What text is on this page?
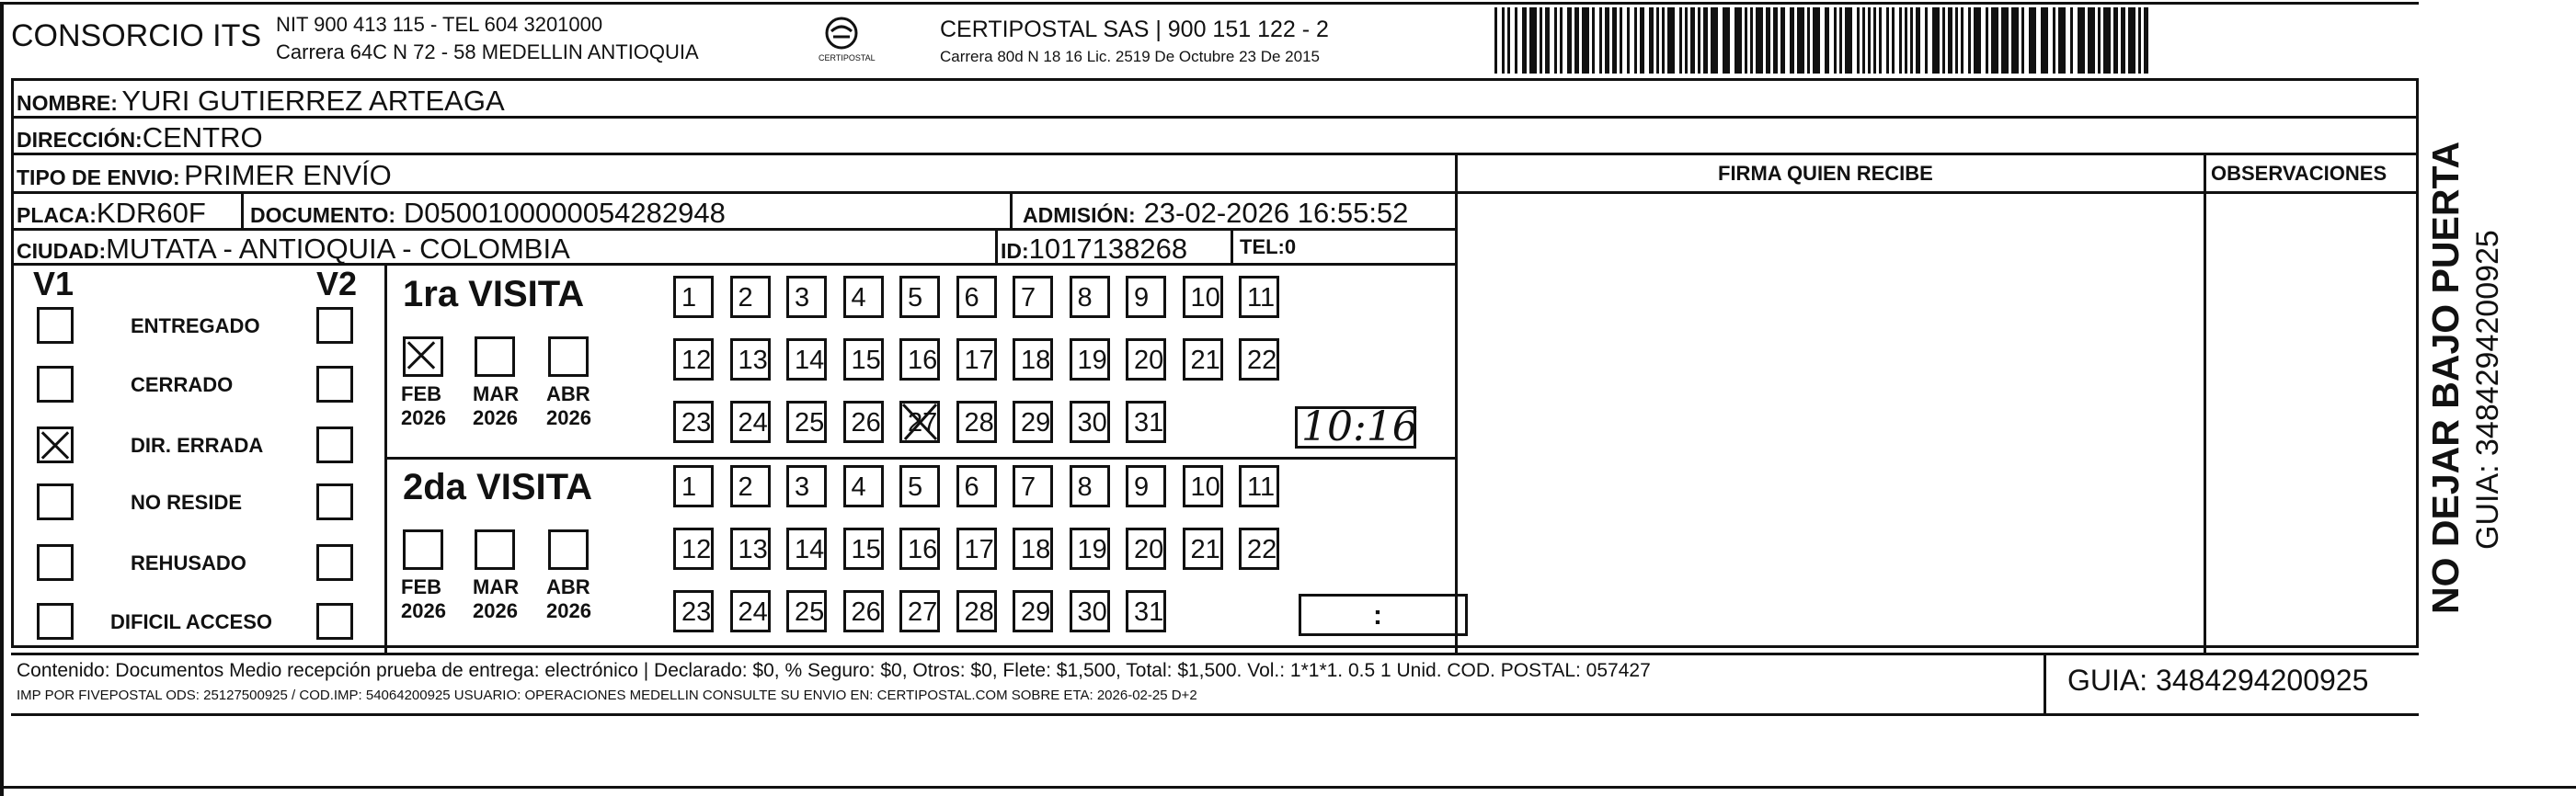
CONSORCIO ITS NIT 900 413 115 - TEL 604 3201000
Carrera 64C N 72 - 58 MEDELLIN ANTIOQUIA	CERTIPOSTAL
CERTIPOSTAL SAS | 900 151 122 - 2
Carrera 80d N 18 16 Lic. 2519 De Octubre 23 De 2015
NOMBRE: YURI GUTIERREZ ARTEAGA
DIRECCIÓN:CENTRO
TIPO DE ENVIO: PRIMER ENVÍO
PLACA:KDR60F DOCUMENTO: D0500100000054282948	ADMISIÓN: 23-02-2026 16:55:52
CIUDAD:MUTATA - ANTIOQUIA - COLOMBIA	ID:1017138268	TEL:0
FIRMA QUIEN RECIBE	OBSERVACIONES
V1	V2 1ra VISITA
10:16
2da VISITA
:
Contenido: Documentos Medio recepción prueba de entrega: electrónico | Declarado: $0, % Seguro: $0, Otros: $0, Flete: $1,500, Total: $1,500. Vol.: 1*1*1. 0.5 1 Unid. COD. POSTAL: 057427
IMP POR FIVEPOSTAL ODS: 25127500925 / COD.IMP: 54064200925 USUARIO: OPERACIONES MEDELLIN CONSULTE SU ENVIO EN: CERTIPOSTAL.COM SOBRE ETA: 2026-02-25 D+2	GUIA: 3484294200925
NO DEJAR BAJO PUERTA GUIA: 3484294200925
ENTREGADO
CERRADO
DIR. ERRADA
NO RESIDE
REHUSADO
DIFICIL ACCESO
FEB
2026
MAR
2026
ABR
2026
FEB
2026
MAR
2026
ABR
2026
1	2	3	4	5	6	7	8	9	10	11
12	13	14	15	16	17	18	19	20	21	22
23	24	25	26	27	28	29	30	31
1	2	3	4	5	6	7	8	9	10	11
12	13	14	15	16	17	18	19	20	21	22
23	24	25	26	27	28	29	30	31
